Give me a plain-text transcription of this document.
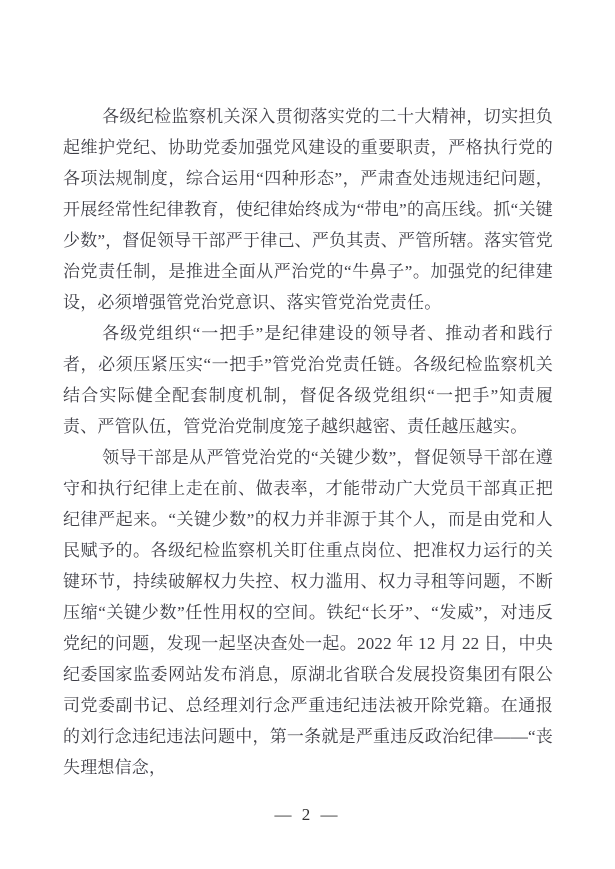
各级纪检监察机关深入贯彻落实党的二十大精神，切实担负起维护党纪、协助党委加强党风建设的重要职责，严格执行党的各项法规制度，综合运用“四种形态”，严肃查处违规违纪问题，开展经常性纪律教育，使纪律始终成为“带电”的高压线。抓“关键少数”，督促领导干部严于律己、严负其责、严管所辖。落实管党治党责任制，是推进全面从严治党的“牛鼻子”。加强党的纪律建设，必须增强管党治党意识、落实管党治党责任。

各级党组织“一把手”是纪律建设的领导者、推动者和践行者，必须压紧压实“一把手”管党治党责任链。各级纪检监察机关结合实际健全配套制度机制，督促各级党组织“一把手”知责履责、严管队伍，管党治党制度笼子越织越密、责任越压越实。

领导干部是从严管党治党的“关键少数”，督促领导干部在遵守和执行纪律上走在前、做表率，才能带动广大党员干部真正把纪律严起来。“关键少数”的权力并非源于其个人，而是由党和人民赋予的。各级纪检监察机关盯住重点岗位、把准权力运行的关键环节，持续破解权力失控、权力滥用、权力寻租等问题，不断压缩“关键少数”任性用权的空间。铁纪“长牙”、“发威”，对违反党纪的问题，发现一起坚决查处一起。2022 年 12 月 22 日，中央纪委国家监委网站发布消息，原湖北省联合发展投资集团有限公司党委副书记、总经理刘行念严重违纪违法被开除党籍。在通报的刘行念违纪违法问题中，第一条就是严重违反政治纪律——“丧失理想信念，

— 2 —
